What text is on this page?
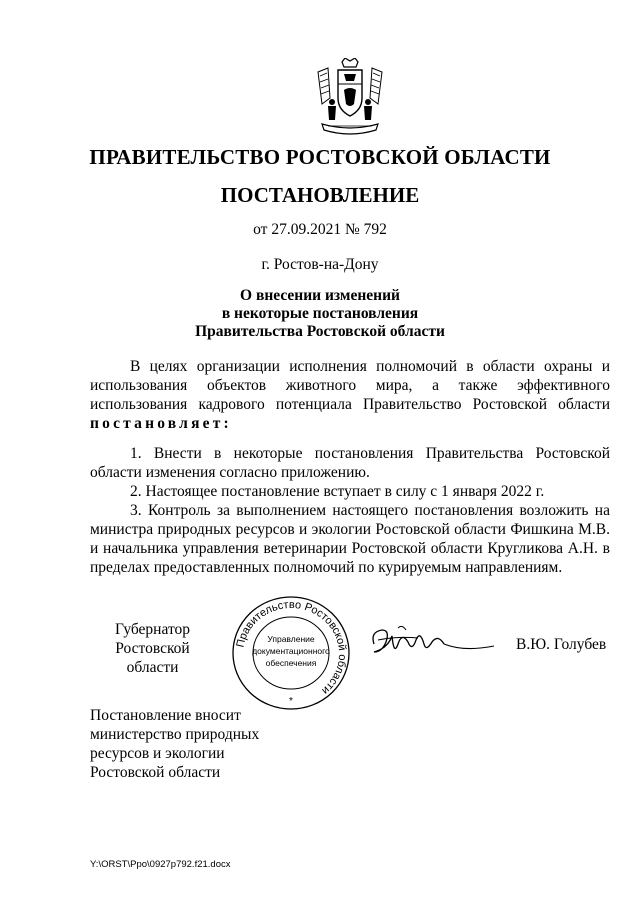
ПРАВИТЕЛЬСТВО РОСТОВСКОЙ ОБЛАСТИ
ПОСТАНОВЛЕНИЕ
от 27.09.2021 № 792
г. Ростов-на-Дону
О внесении изменений
в некоторые постановления
Правительства Ростовской области
В целях организации исполнения полномочий в области охраны и использования объектов животного мира, а также эффективного использования кадрового потенциала Правительство Ростовской области постановляет:
1. Внести в некоторые постановления Правительства Ростовской области изменения согласно приложению.
2. Настоящее постановление вступает в силу с 1 января 2022 г.
3. Контроль за выполнением настоящего постановления возложить на министра природных ресурсов и экологии Ростовской области Фишкина М.В. и начальника управления ветеринарии Ростовской области Кругликова А.Н. в пределах предоставленных полномочий по курируемым направлениям.
Губернатор
Ростовской области
Правительство Ростовской области
Управление
документационного
обеспечения
*
В.Ю. Голубев
Постановление вносит
министерство природных
ресурсов и экологии
Ростовской области
Y:\ORST\Ppo\0927p792.f21.docx
